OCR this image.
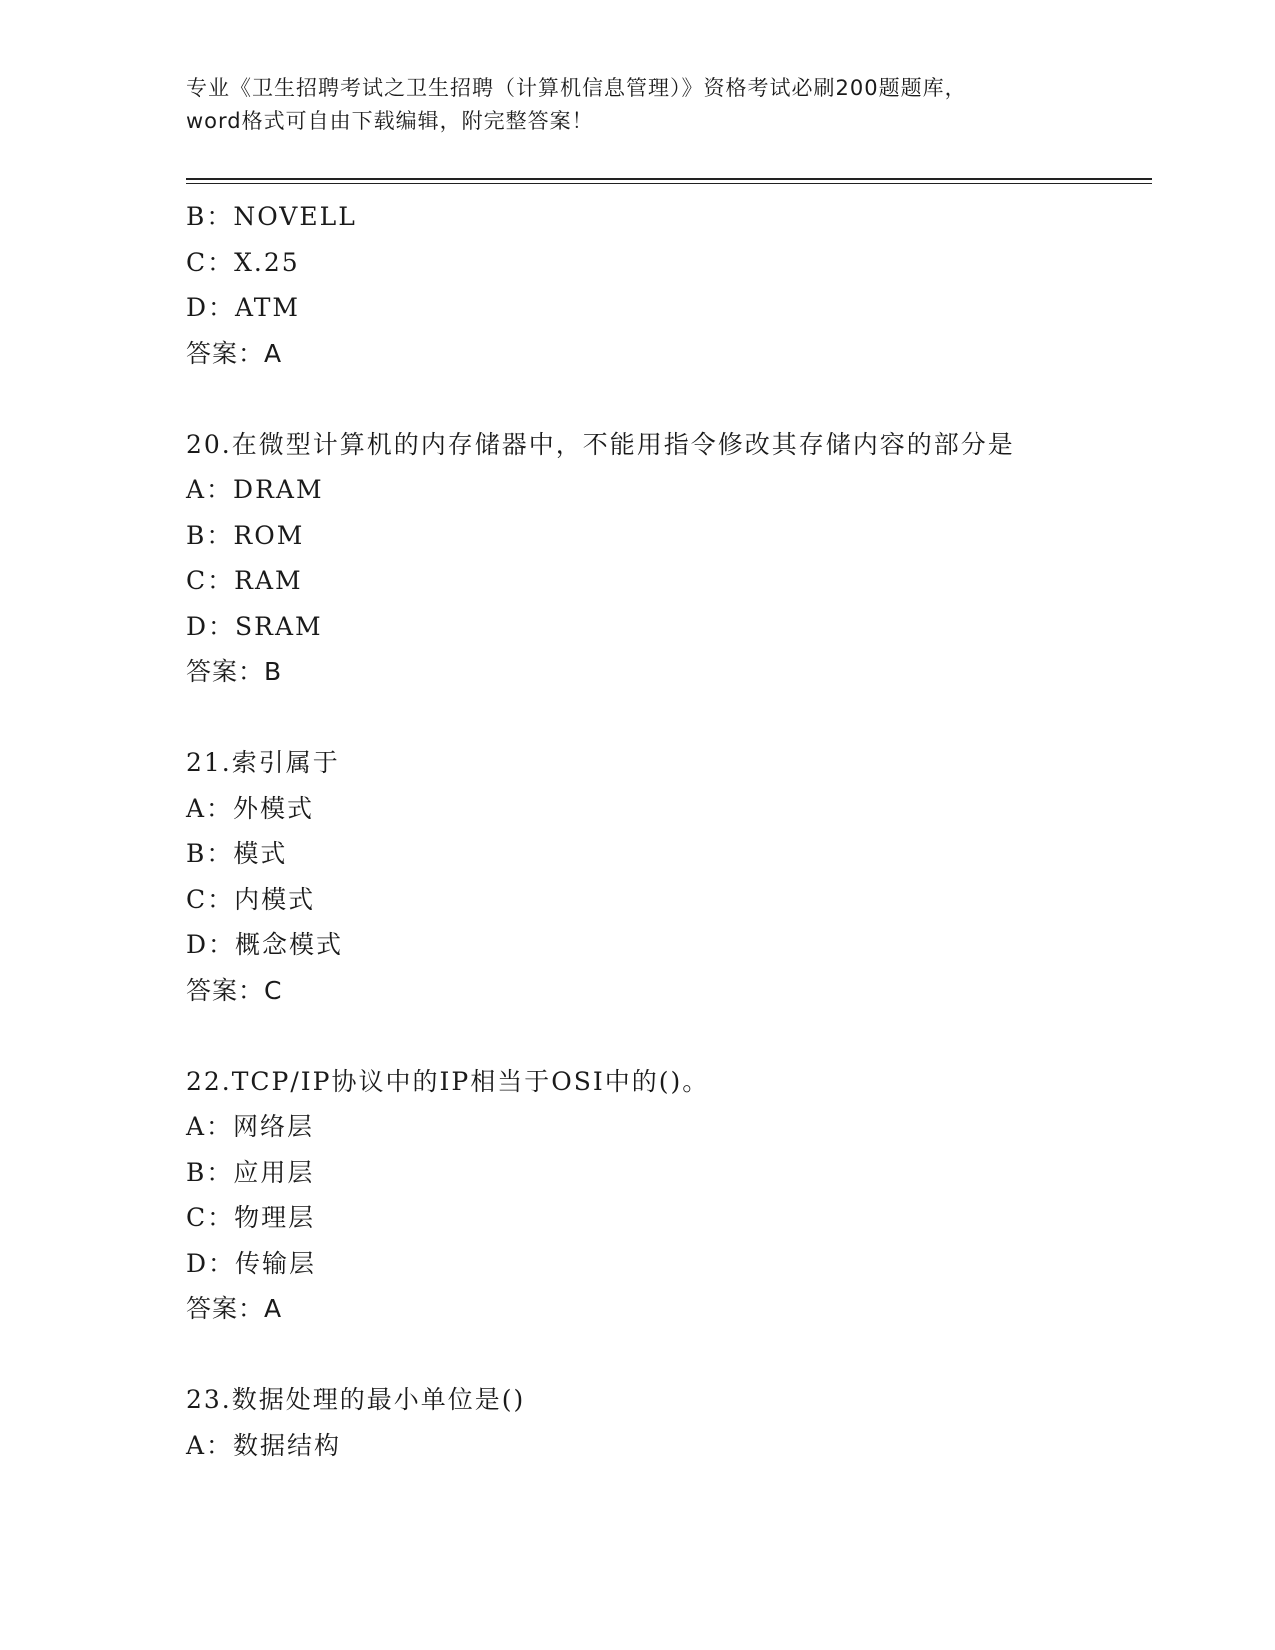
专业《卫生招聘考试之卫生招聘（计算机信息管理）》资格考试必刷200题题库，
word格式可自由下载编辑，附完整答案！
B：NOVELL
C：X.25
D：ATM
答案：A
20.在微型计算机的内存储器中，不能用指令修改其存储内容的部分是
A：DRAM
B：ROM
C：RAM
D：SRAM
答案：B
21.索引属于
A：外模式
B：模式
C：内模式
D：概念模式
答案：C
22.TCP/IP协议中的IP相当于OSI中的()。
A：网络层
B：应用层
C：物理层
D：传输层
答案：A
23.数据处理的最小单位是()
A：数据结构
